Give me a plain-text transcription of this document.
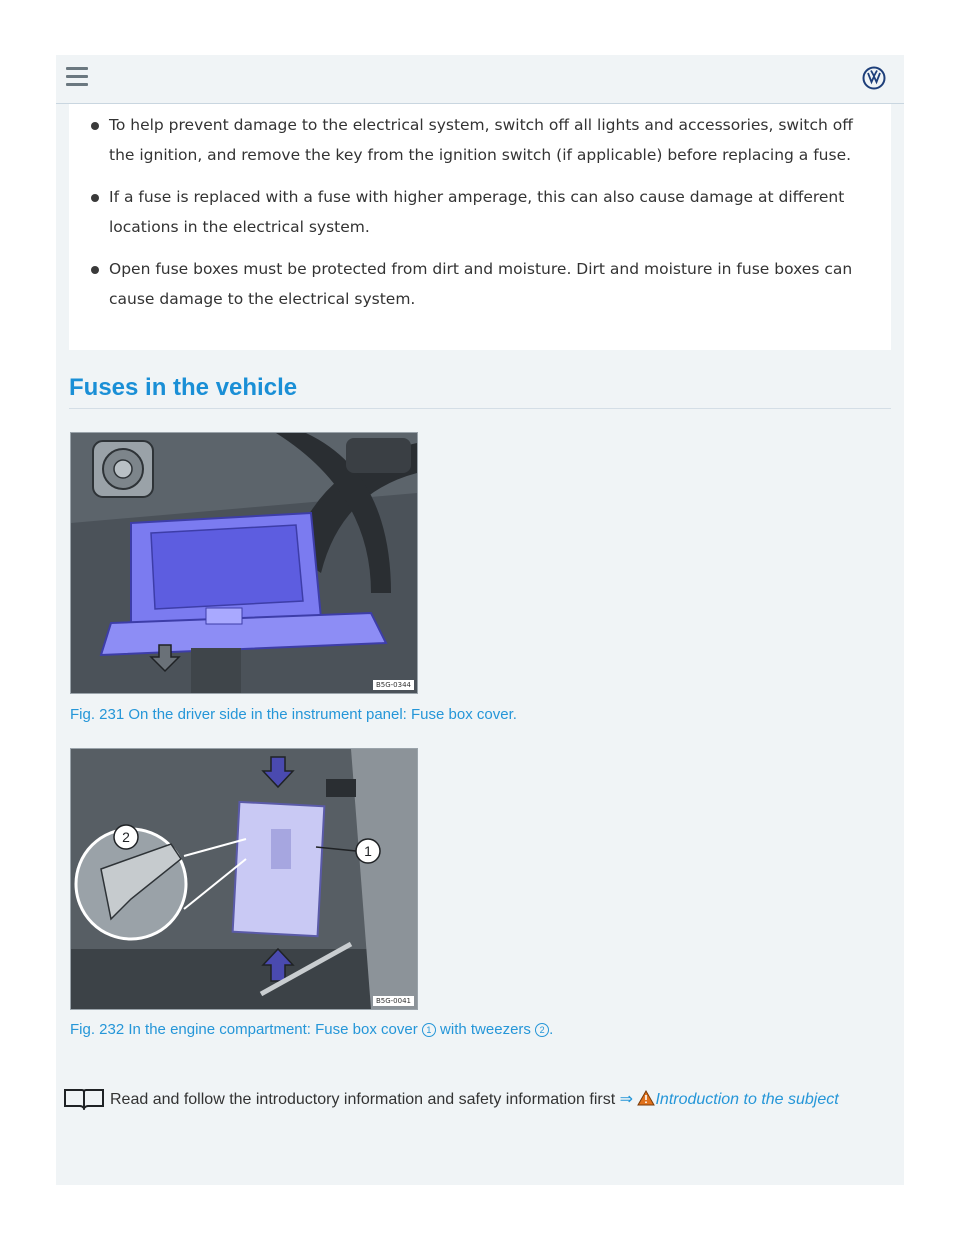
To help prevent damage to the electrical system, switch off all lights and accessories, switch off the ignition, and remove the key from the ignition switch (if applicable) before replacing a fuse.
If a fuse is replaced with a fuse with higher amperage, this can also cause damage at different locations in the electrical system.
Open fuse boxes must be protected from dirt and moisture. Dirt and moisture in fuse boxes can cause damage to the electrical system.
Fuses in the vehicle
B5G-0344
Fig. 231 On the driver side in the instrument panel: Fuse box cover.
2
1
B5G-0041
Fig. 232 In the engine compartment: Fuse box cover 1 with tweezers 2 .
Read and follow the introductory information and safety information first ⇒ Introduction to the subject
